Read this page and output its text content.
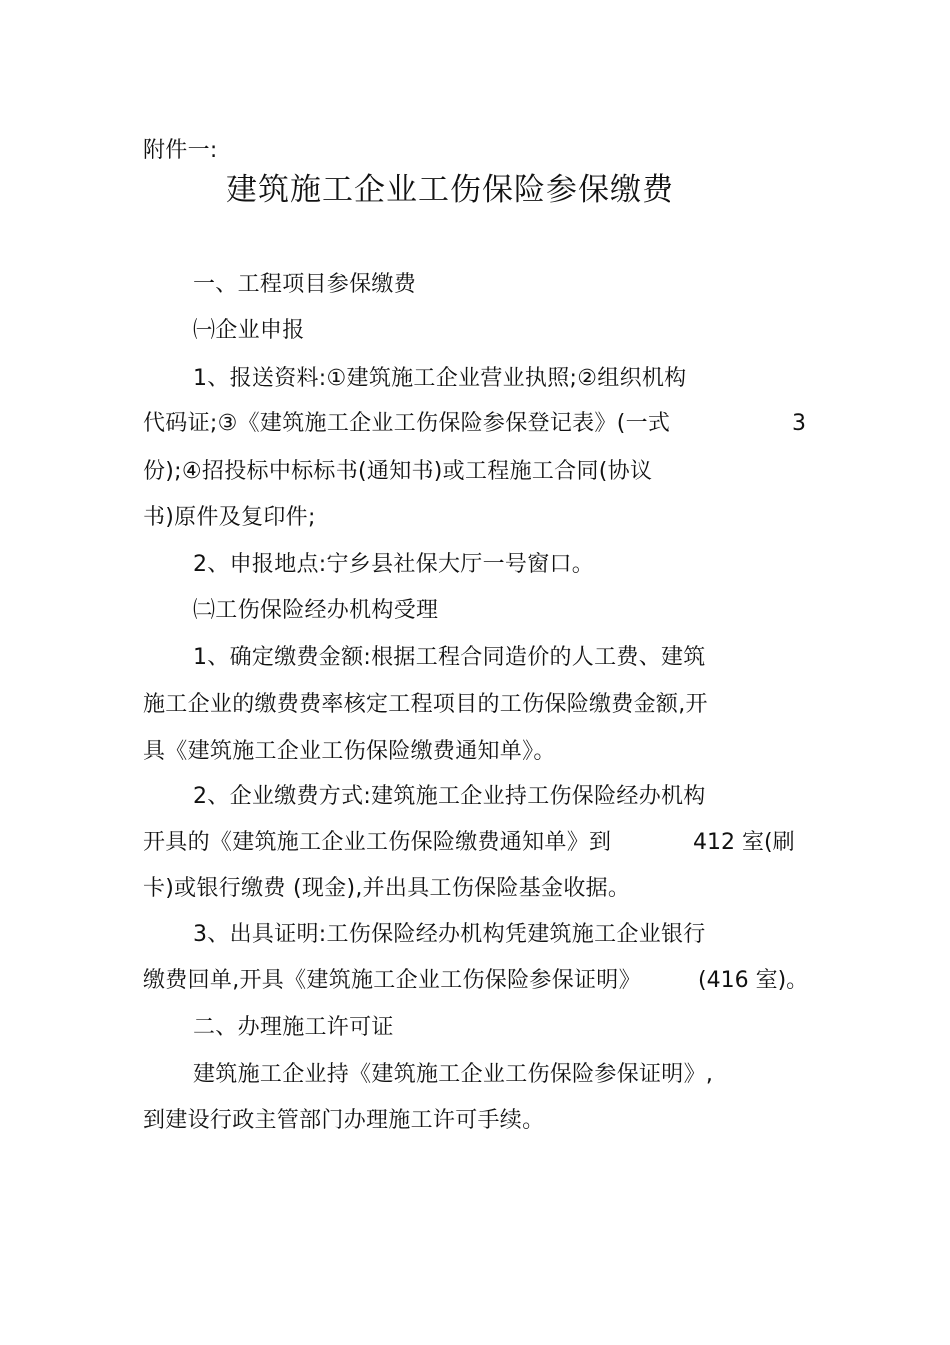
附件一:
建筑施工企业工伤保险参保缴费
一、工程项目参保缴费
㈠企业申报
1、报送资料:①建筑施工企业营业执照;②组织机构
代码证;③《建筑施工企业工伤保险参保登记表》(一式	3
份);④招投标中标标书(通知书)或工程施工合同(协议
书)原件及复印件;
2、申报地点:宁乡县社保大厅一号窗口。
㈡工伤保险经办机构受理
1、确定缴费金额:根据工程合同造价的人工费、建筑
施工企业的缴费费率核定工程项目的工伤保险缴费金额,开
具《建筑施工企业工伤保险缴费通知单》。
2、企业缴费方式:建筑施工企业持工伤保险经办机构
开具的《建筑施工企业工伤保险缴费通知单》到	412 室(刷
卡)或银行缴费 (现金),并出具工伤保险基金收据。
3、出具证明:工伤保险经办机构凭建筑施工企业银行
缴费回单,开具《建筑施工企业工伤保险参保证明》	(416 室)。
二、办理施工许可证
建筑施工企业持《建筑施工企业工伤保险参保证明》,
到建设行政主管部门办理施工许可手续。
